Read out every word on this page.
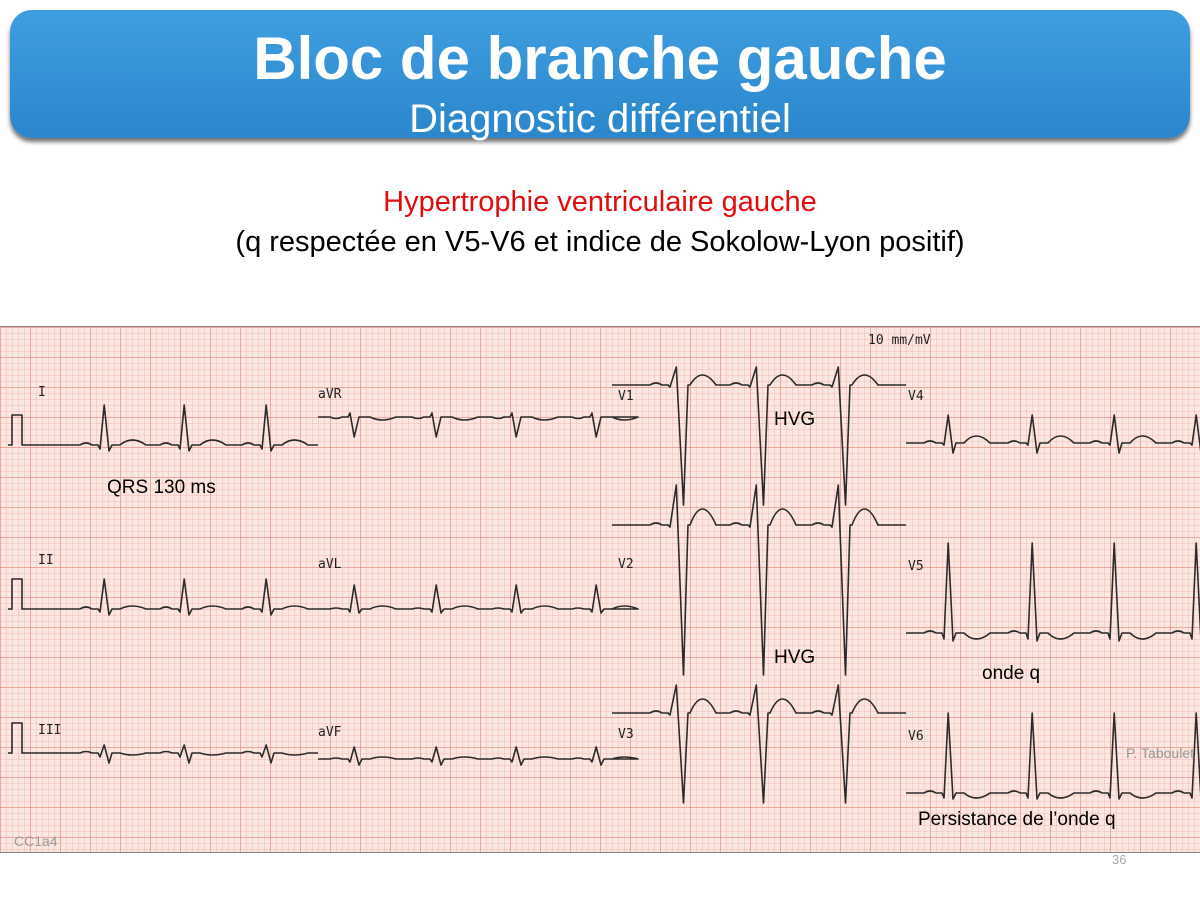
Bloc de branche gauche
Diagnostic différentiel
Hypertrophie ventriculaire gauche
(q respectée en V5-V6 et indice de Sokolow-Lyon positif)
10 mm/mV
I
II
III
aVR
aVL
aVF
V1
V2
V3
V4
V5
V6
QRS 130 ms
HVG
HVG
onde q
Persistance de l’onde q
CC1a4
P. Taboulet
36
